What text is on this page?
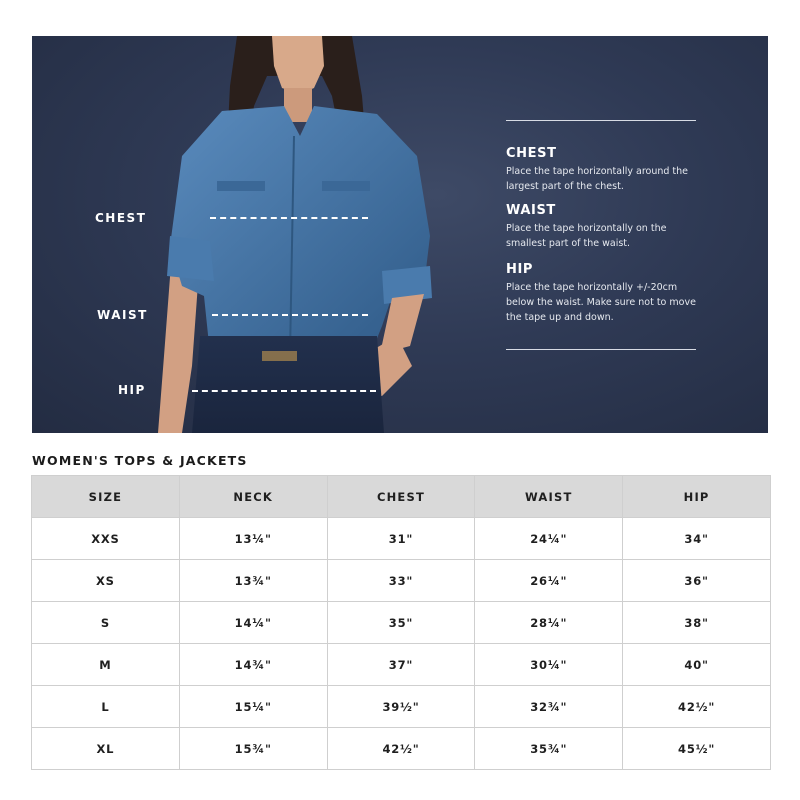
CHEST
WAIST
HIP
CHEST

Place the tape horizontally around the largest part of the chest.

WAIST

Place the tape horizontally on the smallest part of the waist.

HIP

Place the tape horizontally +/-20cm below the waist. Make sure not to move the tape up and down.

WOMEN'S TOPS & JACKETS
SIZE	NECK	CHEST	WAIST	HIP
XXS	13¼"	31"	24¼"	34"
XS	13¾"	33"	26¼"	36"
S	14¼"	35"	28¼"	38"
M	14¾"	37"	30¼"	40"
L	15¼"	39½"	32¾"	42½"
XL	15¾"	42½"	35¾"	45½"
